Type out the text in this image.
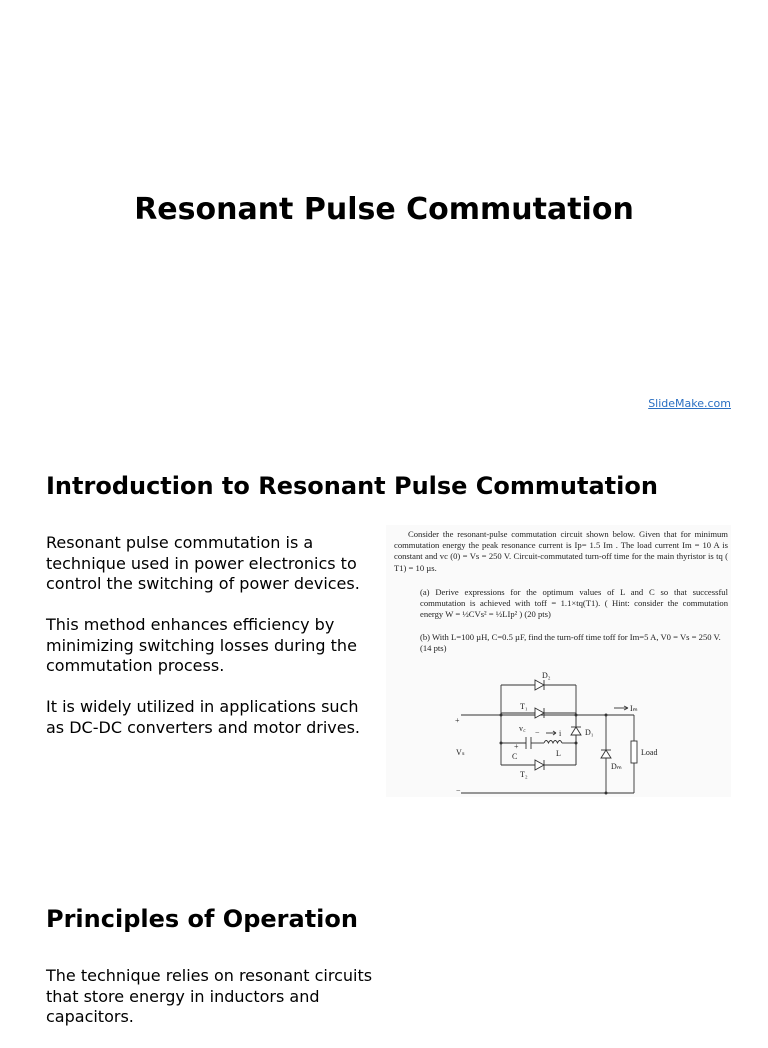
Resonant Pulse Commutation
SlideMake.com
Introduction to Resonant Pulse Commutation

Resonant pulse commutation is a technique used in power electronics to control the switching of power devices.

This method enhances efficiency by minimizing switching losses during the commutation process.

It is widely utilized in applications such as DC-DC converters and motor drives.

Consider the resonant-pulse commutation circuit shown below. Given that for minimum commutation energy the peak resonance current is Ip= 1.5 Im . The load current Im = 10 A is constant and vc (0) = Vs = 250 V. Circuit-commutated turn-off time for the main thyristor is tq ( T1) = 10 µs.

(a) Derive expressions for the optimum values of L and C so that successful commutation is achieved with toff = 1.1×tq(T1). ( Hint: consider the commutation energy W = ½CVs² = ½LIp² ) (20 pts)

(b) With L=100 µH, C=0.5 µF, find the turn-off time toff for Im=5 A, V0 = Vs = 250 V. (14 pts)

D₂
T₁
D₁
T₂
Dₘ
C	L
Vₛ
v꜀
i
Iₘ
Load
+
−
+
−
Principles of Operation

The technique relies on resonant circuits that store energy in inductors and capacitors.
